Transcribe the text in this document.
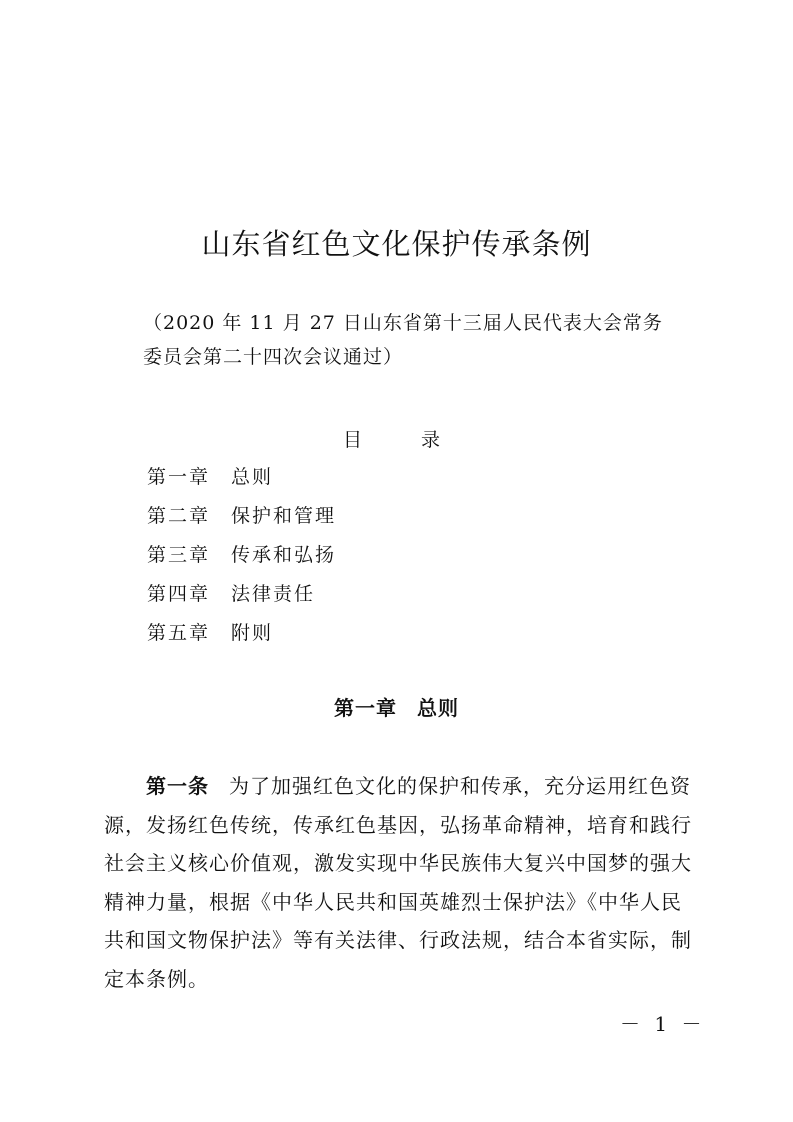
山东省红色文化保护传承条例
（2020 年 11 月 27 日山东省第十三届人民代表大会常务
委员会第二十四次会议通过）
目　录
第一章 总则
第二章 保护和管理
第三章 传承和弘扬
第四章 法律责任
第五章 附则
第一章 总则
第一条 为了加强红色文化的保护和传承，充分运用红色资
源，发扬红色传统，传承红色基因，弘扬革命精神，培育和践行
社会主义核心价值观，激发实现中华民族伟大复兴中国梦的强大
精神力量，根据《中华人民共和国英雄烈士保护法》《中华人民
共和国文物保护法》等有关法律、行政法规，结合本省实际，制
定本条例。
－ 1 －
